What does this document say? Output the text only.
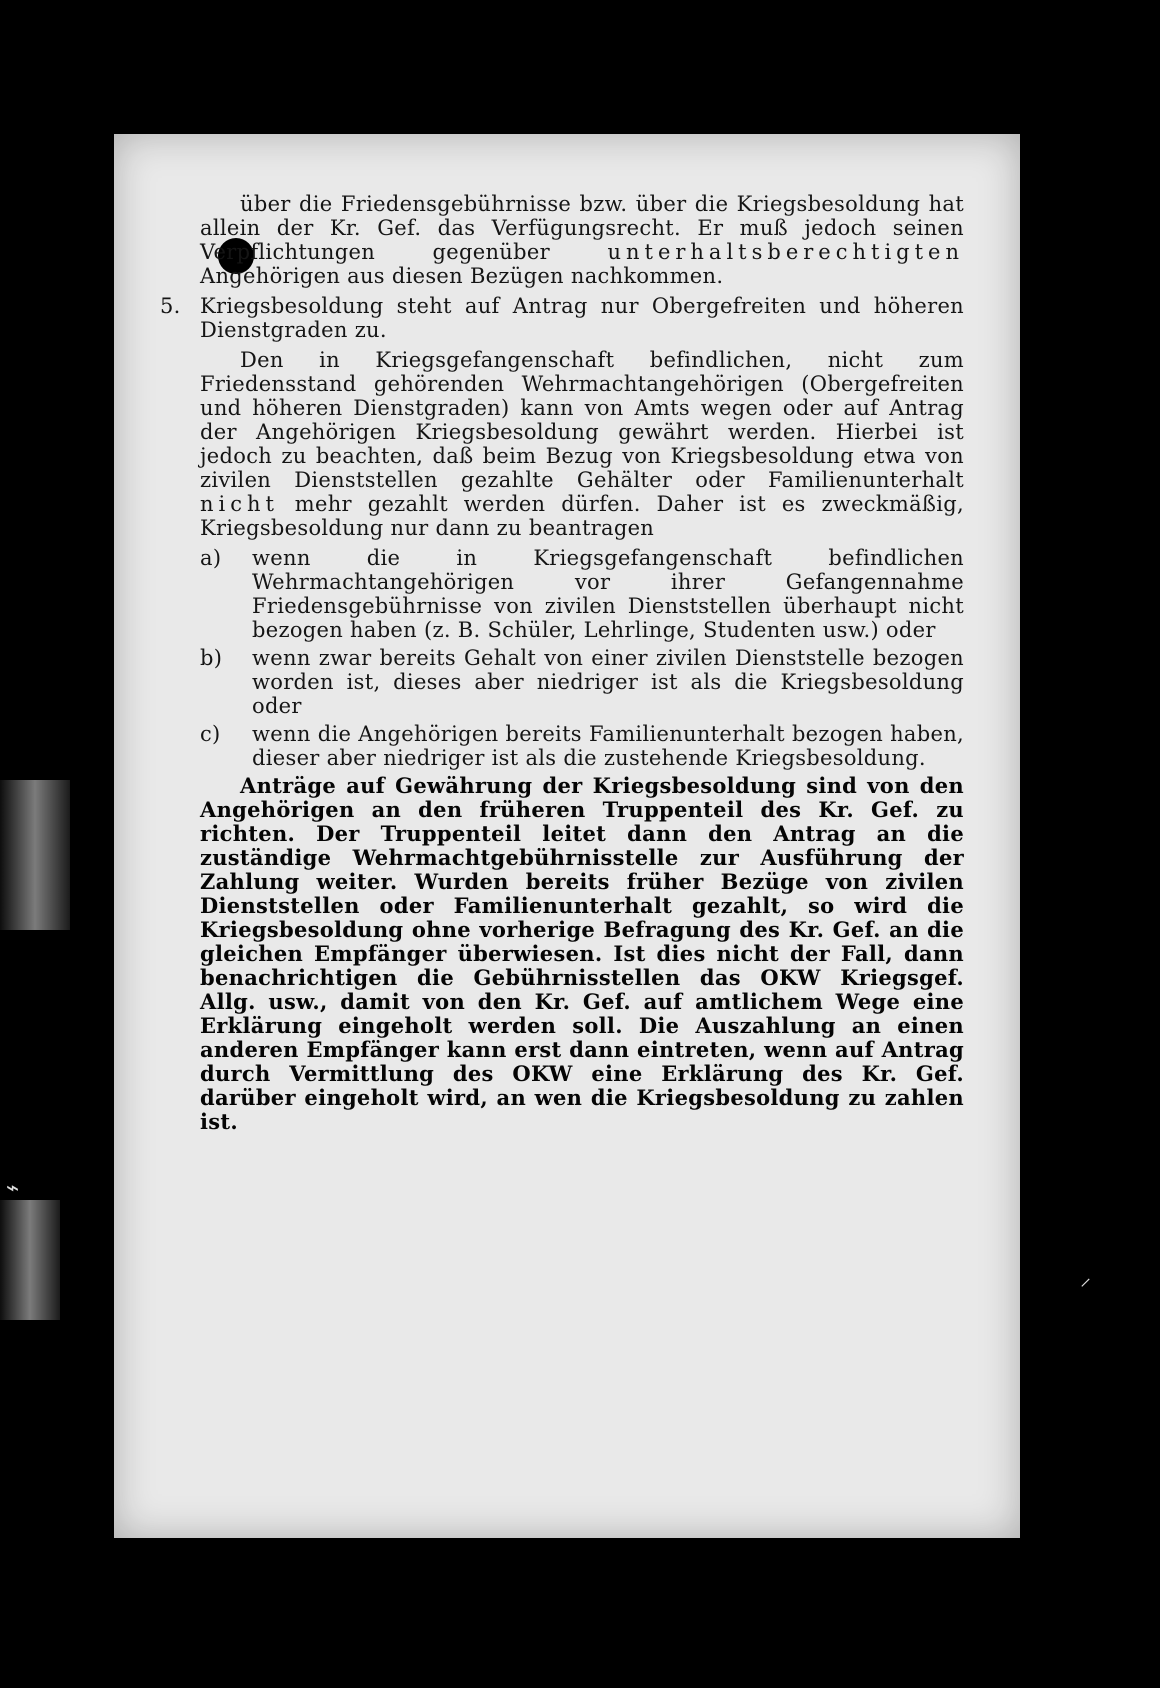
⌁
⸝

über die Friedensgebührnisse bzw. über die Kriegsbesoldung hat allein der Kr. Gef. das Verfügungsrecht. Er muß jedoch seinen Verpflichtungen gegenüber unterhaltsberechtigten Angehörigen aus diesen Bezügen nachkommen.

5. Kriegsbesoldung steht auf Antrag nur Obergefreiten und höheren Dienstgraden zu.

Den in Kriegsgefangenschaft befindlichen, nicht zum Friedensstand gehörenden Wehrmachtangehörigen (Obergefreiten und höheren Dienstgraden) kann von Amts wegen oder auf Antrag der Angehörigen Kriegsbesoldung gewährt werden. Hierbei ist jedoch zu beachten, daß beim Bezug von Kriegsbesoldung etwa von zivilen Dienststellen gezahlte Gehälter oder Familienunterhalt nicht mehr gezahlt werden dürfen. Daher ist es zweckmäßig, Kriegsbesoldung nur dann zu beantragen

a) wenn die in Kriegsgefangenschaft befindlichen Wehrmachtangehörigen vor ihrer Gefangennahme Friedensgebührnisse von zivilen Dienststellen überhaupt nicht bezogen haben (z. B. Schüler, Lehrlinge, Studenten usw.) oder
b) wenn zwar bereits Gehalt von einer zivilen Dienststelle bezogen worden ist, dieses aber niedriger ist als die Kriegsbesoldung oder
c) wenn die Angehörigen bereits Familienunterhalt bezogen haben, dieser aber niedriger ist als die zustehende Kriegsbesoldung.

Anträge auf Gewährung der Kriegsbesoldung sind von den Angehörigen an den früheren Truppenteil des Kr. Gef. zu richten. Der Truppenteil leitet dann den Antrag an die zuständige Wehrmachtgebührnisstelle zur Ausführung der Zahlung weiter. Wurden bereits früher Bezüge von zivilen Dienststellen oder Familienunterhalt gezahlt, so wird die Kriegsbesoldung ohne vorherige Befragung des Kr. Gef. an die gleichen Empfänger überwiesen. Ist dies nicht der Fall, dann benachrichtigen die Gebührnisstellen das OKW Kriegsgef. Allg. usw., damit von den Kr. Gef. auf amtlichem Wege eine Erklärung eingeholt werden soll. Die Auszahlung an einen anderen Empfänger kann erst dann eintreten, wenn auf Antrag durch Vermittlung des OKW eine Erklärung des Kr. Gef. darüber eingeholt wird, an wen die Kriegsbesoldung zu zahlen ist.
